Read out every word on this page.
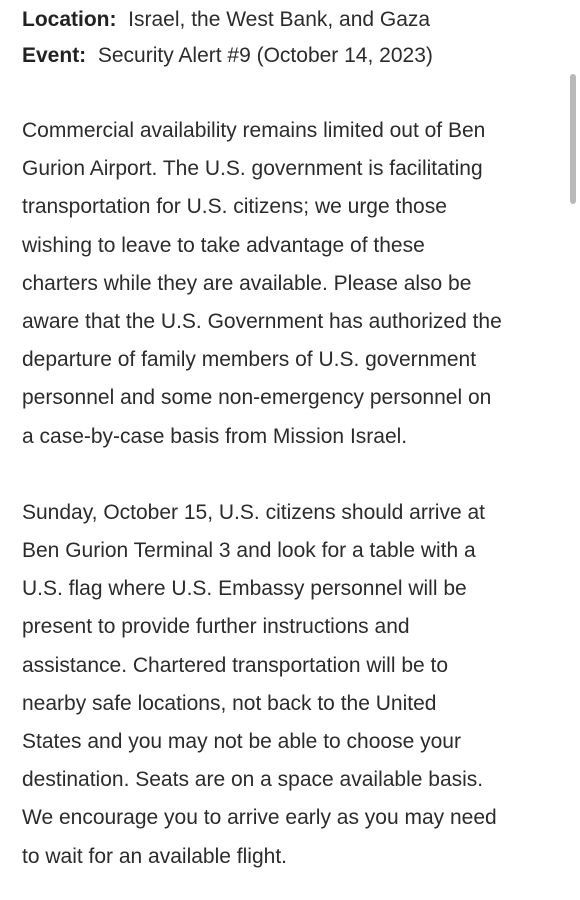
Location: Israel, the West Bank, and Gaza

Event: Security Alert #9 (October 14, 2023)

Commercial availability remains limited out of Ben
Gurion Airport. The U.S. government is facilitating
transportation for U.S. citizens; we urge those
wishing to leave to take advantage of these
charters while they are available. Please also be
aware that the U.S. Government has authorized the
departure of family members of U.S. government
personnel and some non-emergency personnel on
a case-by-case basis from Mission Israel.

Sunday, October 15, U.S. citizens should arrive at
Ben Gurion Terminal 3 and look for a table with a
U.S. flag where U.S. Embassy personnel will be
present to provide further instructions and
assistance. Chartered transportation will be to
nearby safe locations, not back to the United
States and you may not be able to choose your
destination. Seats are on a space available basis.
We encourage you to arrive early as you may need
to wait for an available flight.
